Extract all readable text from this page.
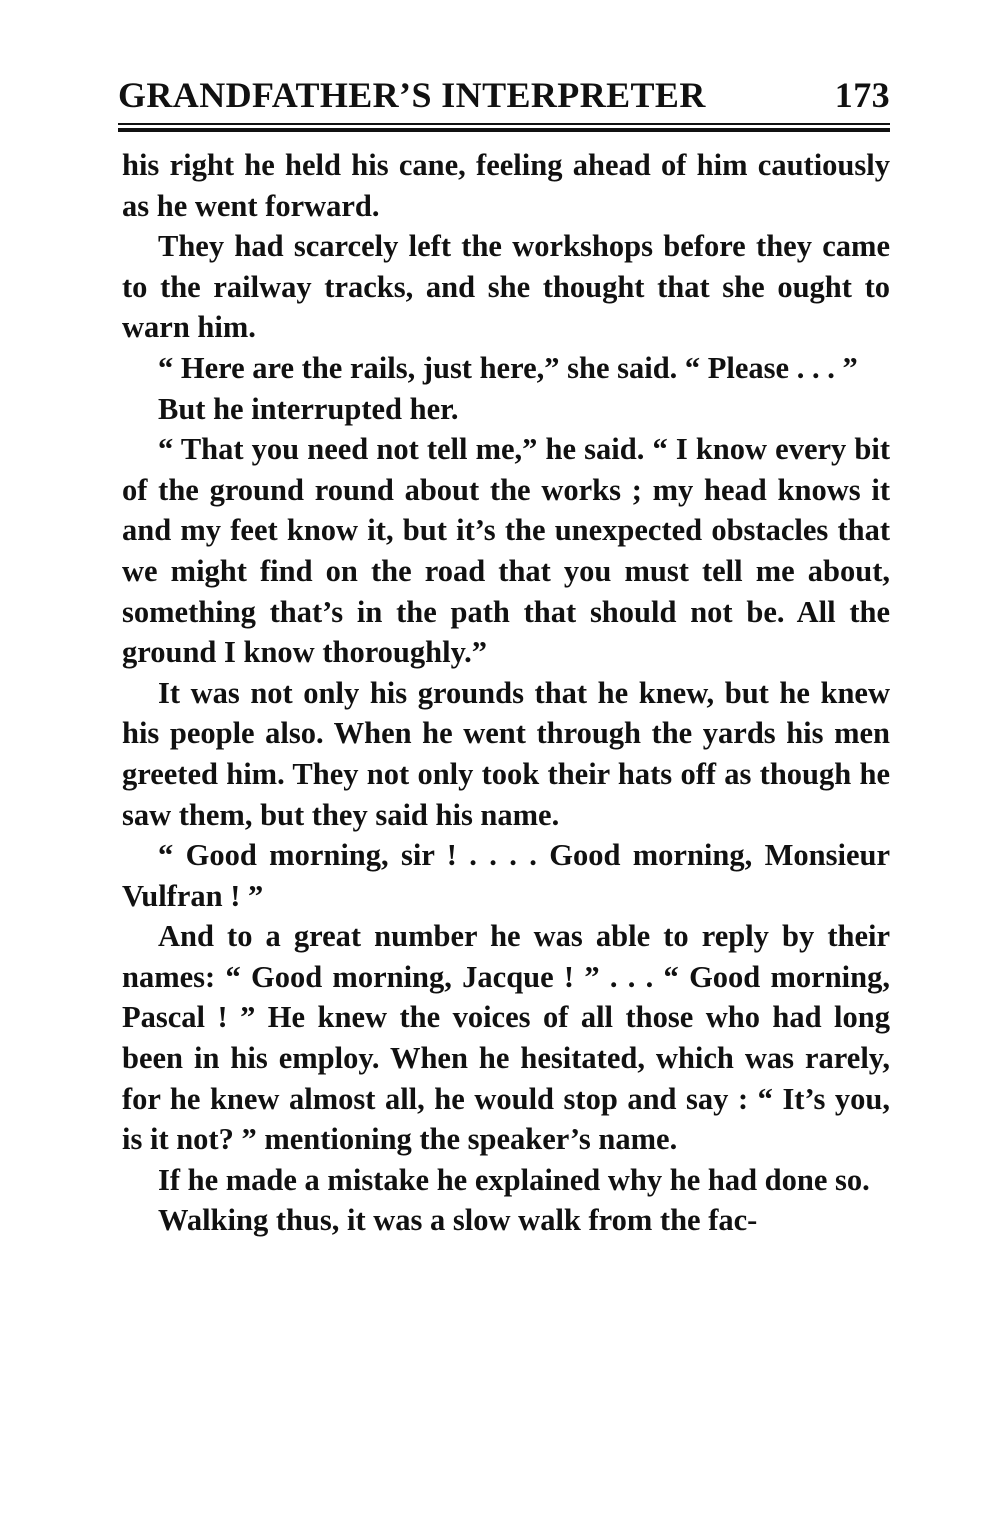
GRANDFATHER’S INTERPRETER	173

his right he held his cane, feeling ahead of him cautiously as he went forward.

They had scarcely left the workshops before they came to the railway tracks, and she thought that she ought to warn him.

“ Here are the rails, just here,” she said. “ Please . . . ”

But he interrupted her.

“ That you need not tell me,” he said. “ I know every bit of the ground round about the works ; my head knows it and my feet know it, but it’s the unexpected obstacles that we might find on the road that you must tell me about, something that’s in the path that should not be. All the ground I know thoroughly.”

It was not only his grounds that he knew, but he knew his people also. When he went through the yards his men greeted him. They not only took their hats off as though he saw them, but they said his name.

“ Good morning, sir ! . . . . Good morning, Monsieur Vulfran ! ”

And to a great number he was able to reply by their names: “ Good morning, Jacque ! ” . . . “ Good morning, Pascal ! ” He knew the voices of all those who had long been in his employ. When he hesitated, which was rarely, for he knew almost all, he would stop and say : “ It’s you, is it not? ” mentioning the speaker’s name.

If he made a mistake he explained why he had done so.

Walking thus, it was a slow walk from the fac-
